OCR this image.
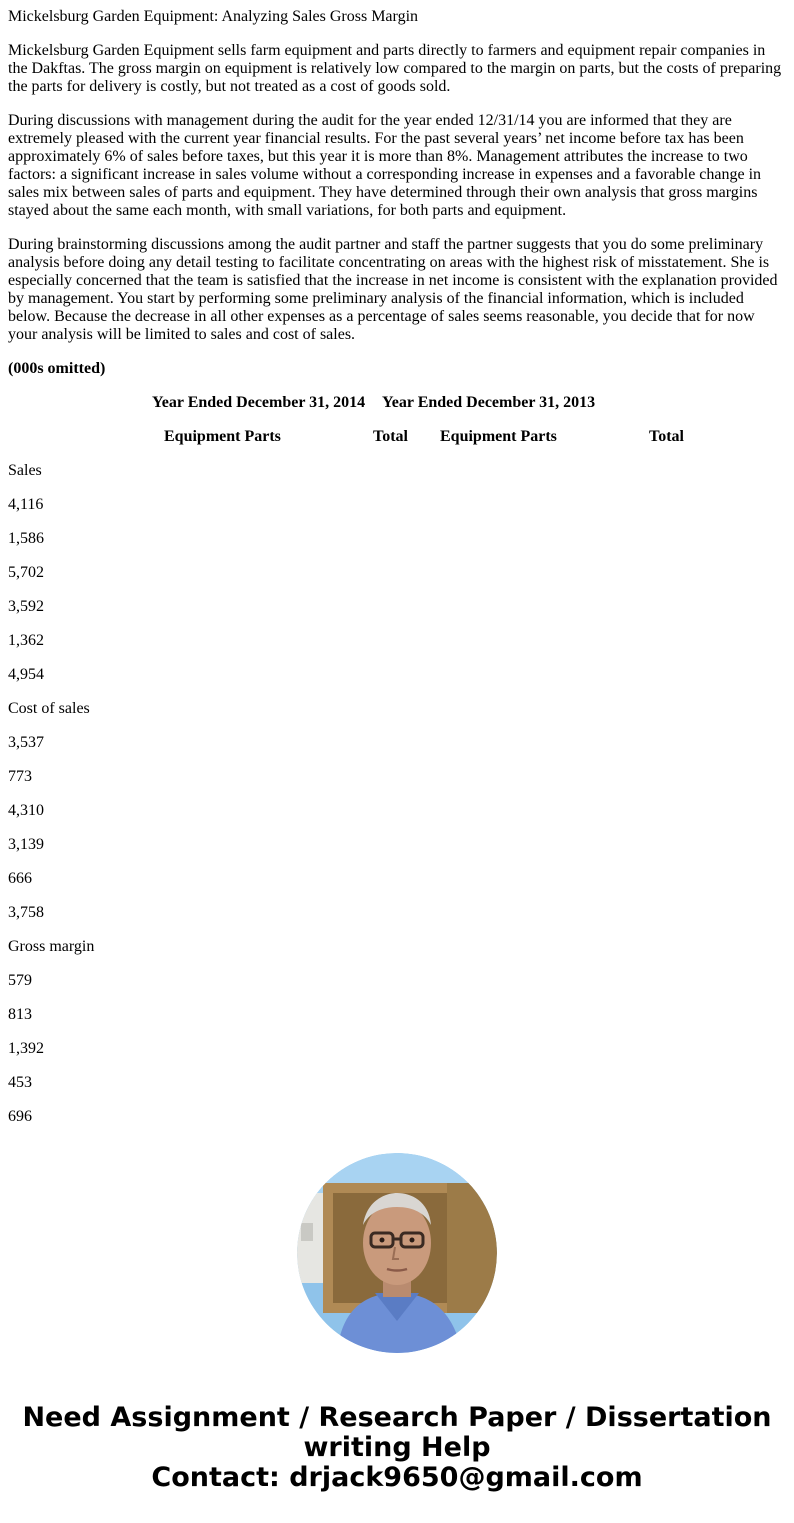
Mickelsburg Garden Equipment: Analyzing Sales Gross Margin

Mickelsburg Garden Equipment sells farm equipment and parts directly to farmers and equipment repair companies in the Dakftas. The gross margin on equipment is relatively low compared to the margin on parts, but the costs of preparing the parts for delivery is costly, but not treated as a cost of goods sold.

During discussions with management during the audit for the year ended 12/31/14 you are informed that they are extremely pleased with the current year financial results. For the past several years’ net income before tax has been approximately 6% of sales before taxes, but this year it is more than 8%. Management attributes the increase to two factors: a significant increase in sales volume without a corresponding increase in expenses and a favorable change in sales mix between sales of parts and equipment. They have determined through their own analysis that gross margins stayed about the same each month, with small variations, for both parts and equipment.

During brainstorming discussions among the audit partner and staff the partner suggests that you do some preliminary analysis before doing any detail testing to facilitate concentrating on areas with the highest risk of misstatement. She is especially concerned that the team is satisfied that the increase in net income is consistent with the explanation provided by management. You start by performing some preliminary analysis of the financial information, which is included below. Because the decrease in all other expenses as a percentage of sales seems reasonable, you decide that for now your analysis will be limited to sales and cost of sales.

(000s omitted)

Year Ended December 31, 2014 Year Ended December 31, 2013
Equipment Parts	Total Equipment Parts	Total
Sales
4,116
1,586
5,702
3,592
1,362
4,954
Cost of sales
3,537
773
4,310
3,139
666
3,758
Gross margin
579
813
1,392
453
696
Need Assignment / Research Paper / Dissertation
writing Help
Contact: drjack9650@gmail.com
